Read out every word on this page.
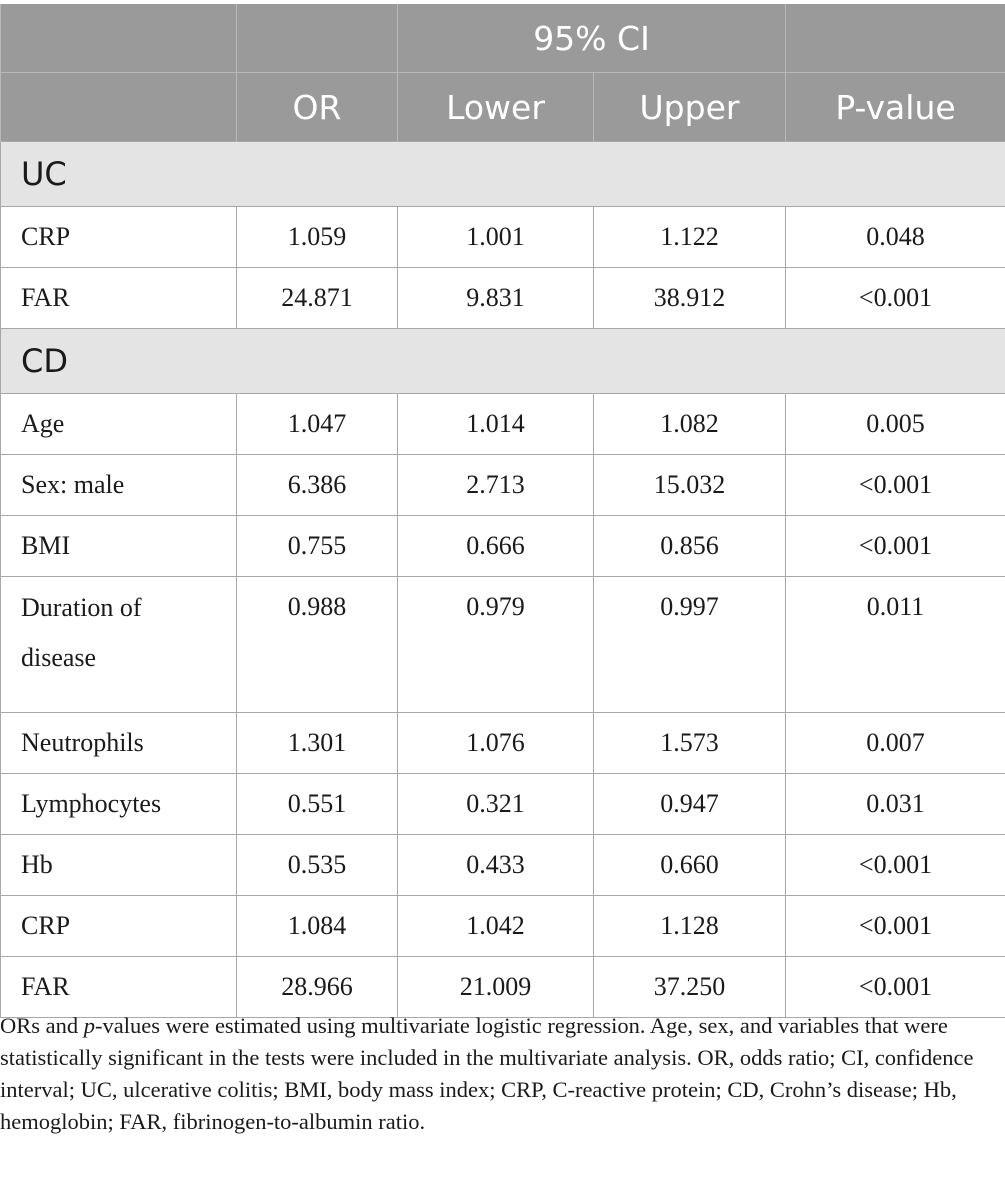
		95% CI		
	OR	Lower	Upper	P-value
UC				
CRP	1.059	1.001	1.122	0.048
FAR	24.871	9.831	38.912	<0.001
CD				
Age	1.047	1.014	1.082	0.005
Sex: male	6.386	2.713	15.032	<0.001
BMI	0.755	0.666	0.856	<0.001
Duration of
disease	0.988	0.979	0.997	0.011
Neutrophils	1.301	1.076	1.573	0.007
Lymphocytes	0.551	0.321	0.947	0.031
Hb	0.535	0.433	0.660	<0.001
CRP	1.084	1.042	1.128	<0.001
FAR	28.966	21.009	37.250	<0.001

ORs and p-values were estimated using multivariate logistic regression. Age, sex, and variables that were statistically significant in the tests were included in the multivariate analysis. OR, odds ratio; CI, confidence interval; UC, ulcerative colitis; BMI, body mass index; CRP, C-reactive protein; CD, Crohn’s disease; Hb, hemoglobin; FAR, fibrinogen-to-albumin ratio.
